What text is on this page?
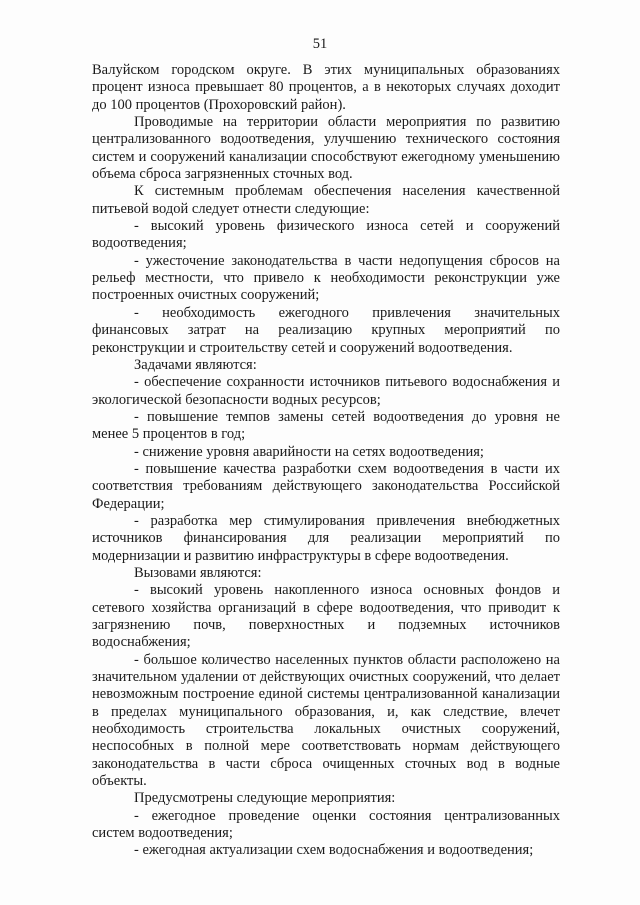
51

Валуйском городском округе. В этих муниципальных образованиях процент износа превышает 80 процентов, а в некоторых случаях доходит до 100 процентов (Прохоровский район).

Проводимые на территории области мероприятия по развитию централизованного водоотведения, улучшению технического состояния систем и сооружений канализации способствуют ежегодному уменьшению объема сброса загрязненных сточных вод.

К системным проблемам обеспечения населения качественной питьевой водой следует отнести следующие:

- высокий уровень физического износа сетей и сооружений водоотведения;

- ужесточение законодательства в части недопущения сбросов на рельеф местности, что привело к необходимости реконструкции уже построенных очистных сооружений;

- необходимость ежегодного привлечения значительных финансовых затрат на реализацию крупных мероприятий по реконструкции и строительству сетей и сооружений водоотведения.

Задачами являются:

- обеспечение сохранности источников питьевого водоснабжения и экологической безопасности водных ресурсов;

- повышение темпов замены сетей водоотведения до уровня не менее 5 процентов в год;

- снижение уровня аварийности на сетях водоотведения;

- повышение качества разработки схем водоотведения в части их соответствия требованиям действующего законодательства Российской Федерации;

- разработка мер стимулирования привлечения внебюджетных источников финансирования для реализации мероприятий по модернизации и развитию инфраструктуры в сфере водоотведения.

Вызовами являются:

- высокий уровень накопленного износа основных фондов и сетевого хозяйства организаций в сфере водоотведения, что приводит к загрязнению почв, поверхностных и подземных источников водоснабжения;

- большое количество населенных пунктов области расположено на значительном удалении от действующих очистных сооружений, что делает невозможным построение единой системы централизованной канализации в пределах муниципального образования, и, как следствие, влечет необходимость строительства локальных очистных сооружений, неспособных в полной мере соответствовать нормам действующего законодательства в части сброса очищенных сточных вод в водные объекты.

Предусмотрены следующие мероприятия:

- ежегодное проведение оценки состояния централизованных систем водоотведения;

- ежегодная актуализации схем водоснабжения и водоотведения;
